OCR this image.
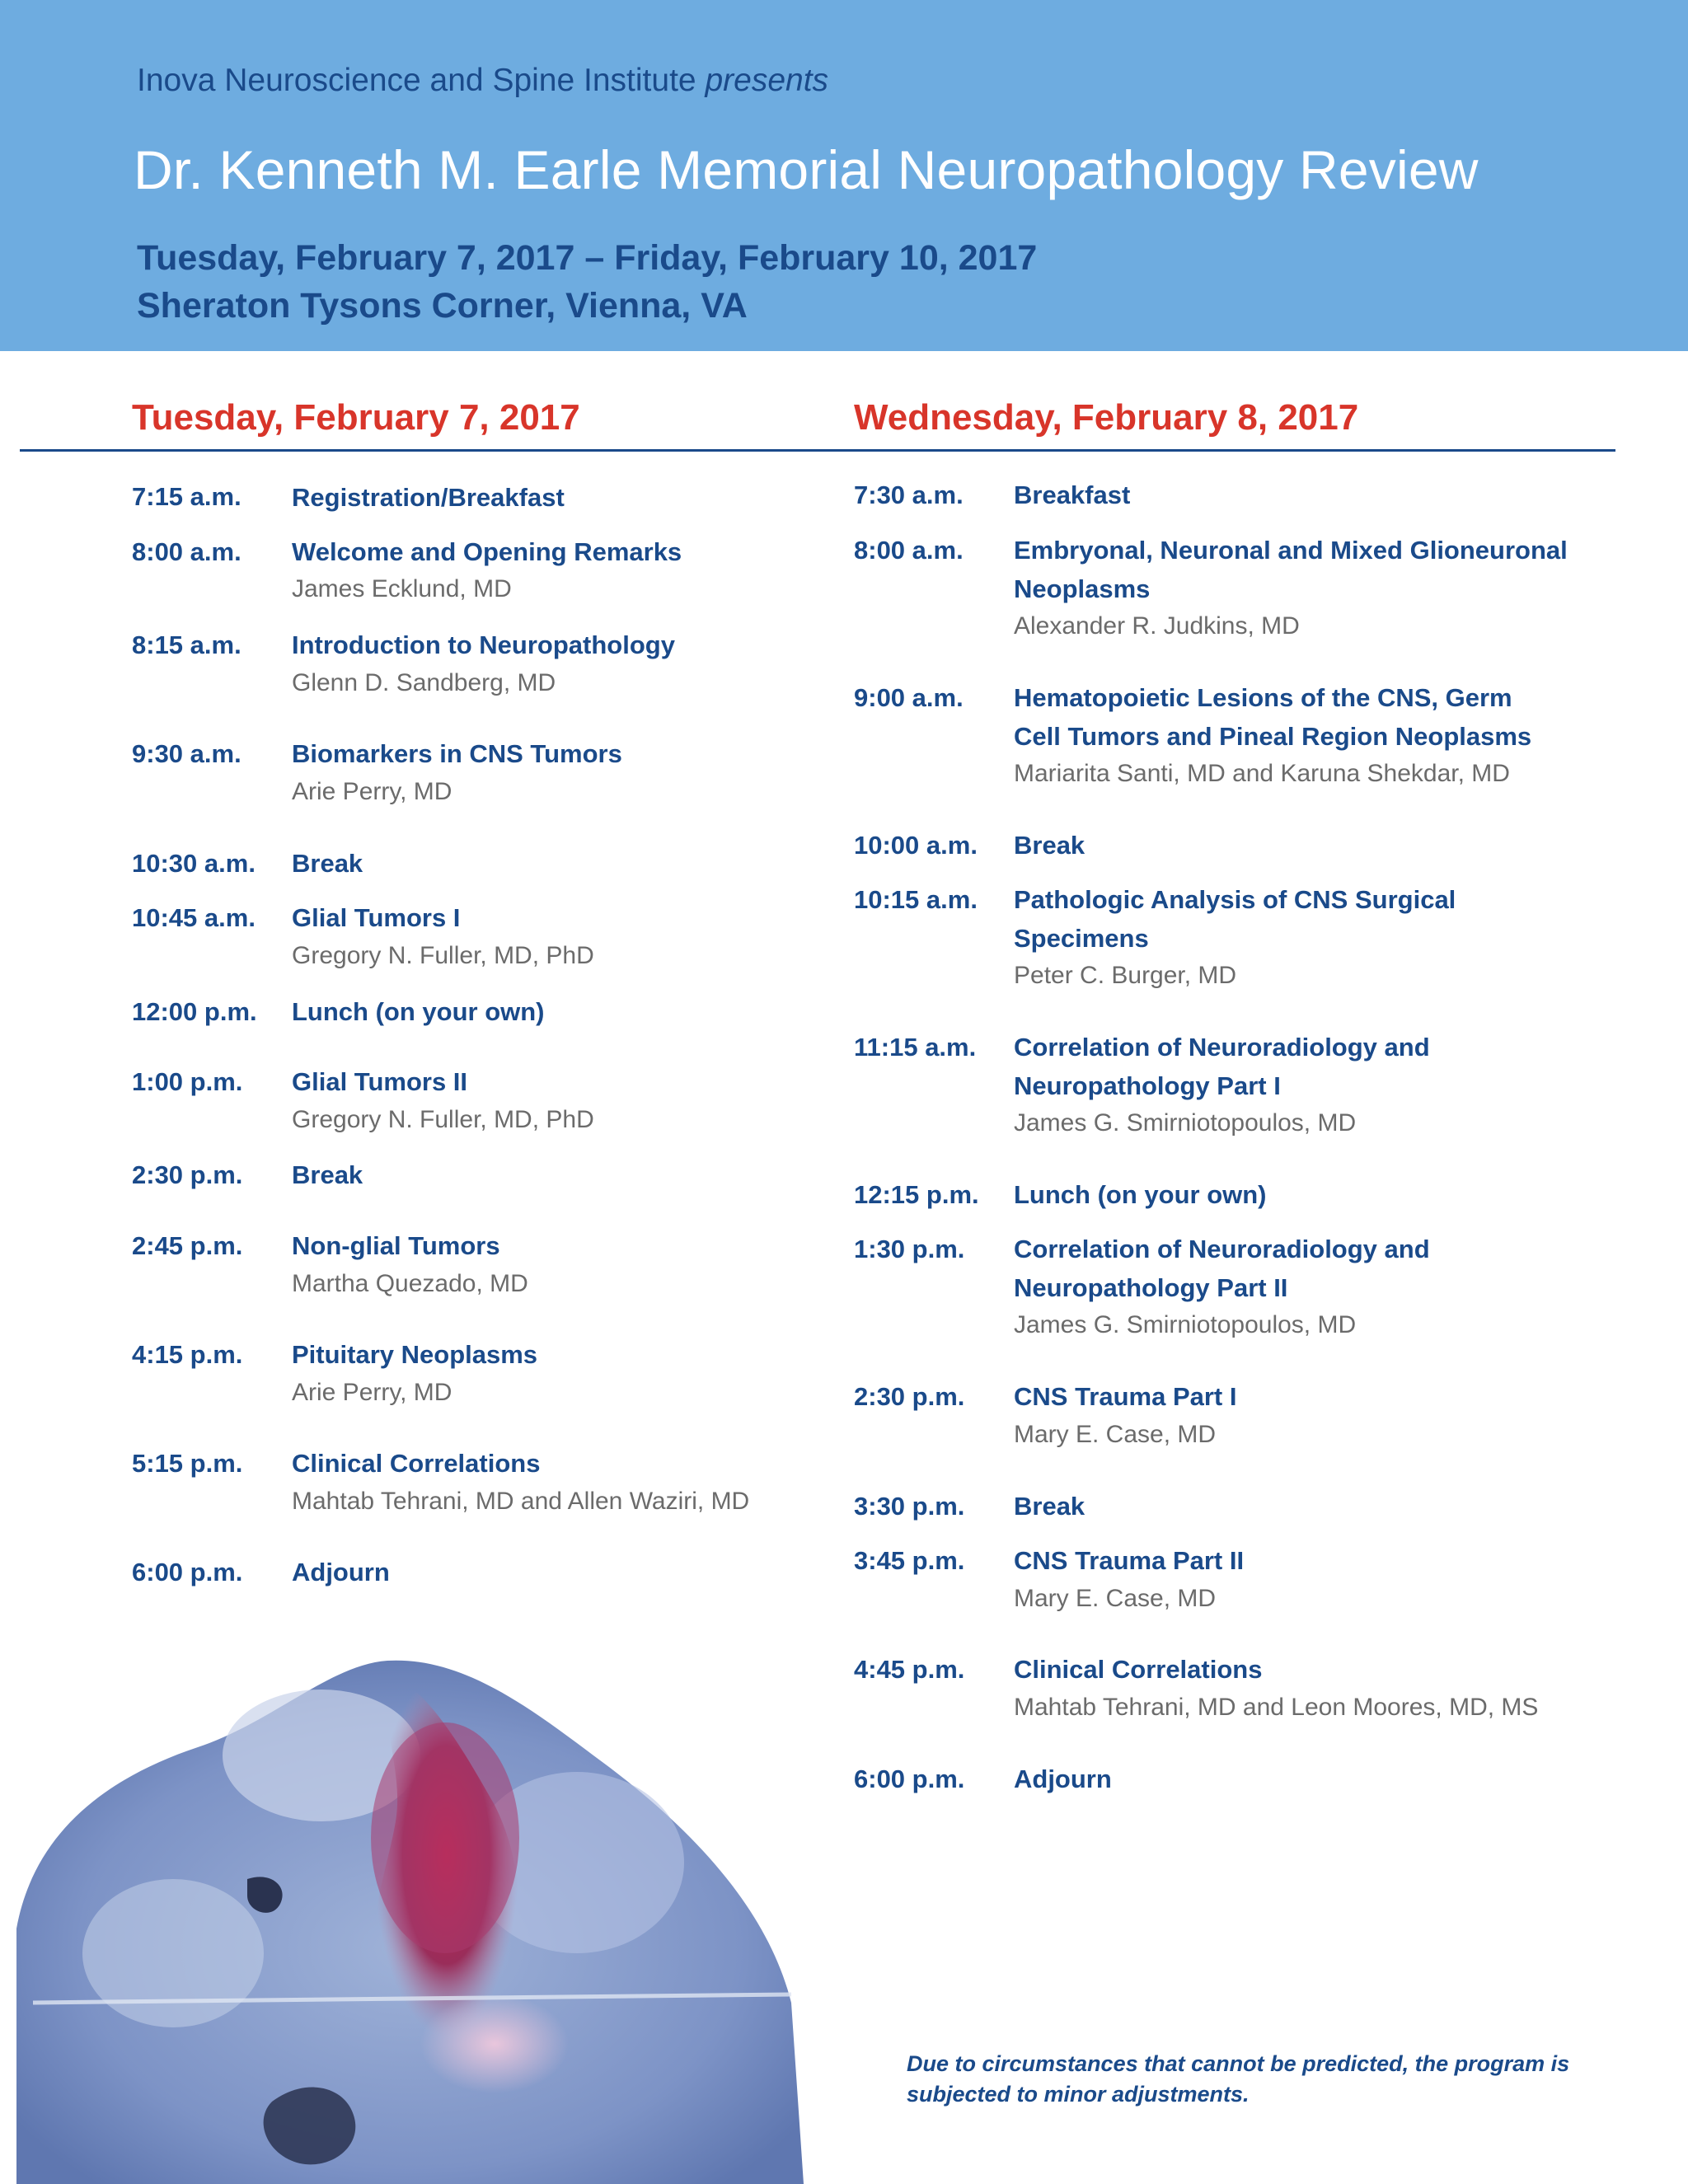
Inova Neuroscience and Spine Institute presents
Dr. Kenneth M. Earle Memorial Neuropathology Review
Tuesday, February 7, 2017 – Friday, February 10, 2017
Sheraton Tysons Corner, Vienna, VA
Tuesday, February 7, 2017	Wednesday, February 8, 2017
7:15 a.m. Registration/Breakfast
8:00 a.m. Welcome and Opening Remarks
James Ecklund, MD
8:15 a.m. Introduction to Neuropathology
Glenn D. Sandberg, MD
9:30 a.m. Biomarkers in CNS Tumors
Arie Perry, MD
10:30 a.m. Break
10:45 a.m. Glial Tumors I
Gregory N. Fuller, MD, PhD
12:00 p.m. Lunch (on your own)
1:00 p.m. Glial Tumors II
Gregory N. Fuller, MD, PhD
2:30 p.m. Break
2:45 p.m. Non-glial Tumors
Martha Quezado, MD
4:15 p.m. Pituitary Neoplasms
Arie Perry, MD
5:15 p.m. Clinical Correlations
Mahtab Tehrani, MD and Allen Waziri, MD
6:00 p.m. Adjourn
7:30 a.m. Breakfast
8:00 a.m. Embryonal, Neuronal and Mixed Glioneuronal Neoplasms
Alexander R. Judkins, MD
9:00 a.m. Hematopoietic Lesions of the CNS, Germ Cell Tumors and Pineal Region Neoplasms
Mariarita Santi, MD and Karuna Shekdar, MD
10:00 a.m. Break
10:15 a.m. Pathologic Analysis of CNS Surgical Specimens
Peter C. Burger, MD
11:15 a.m. Correlation of Neuroradiology and Neuropathology Part I
James G. Smirniotopoulos, MD
12:15 p.m. Lunch (on your own)
1:30 p.m. Correlation of Neuroradiology and Neuropathology Part II
James G. Smirniotopoulos, MD
2:30 p.m. CNS Trauma Part I
Mary E. Case, MD
3:30 p.m. Break
3:45 p.m. CNS Trauma Part II
Mary E. Case, MD
4:45 p.m. Clinical Correlations
Mahtab Tehrani, MD and Leon Moores, MD, MS
6:00 p.m. Adjourn
Due to circumstances that cannot be predicted, the program is subjected to minor adjustments.
